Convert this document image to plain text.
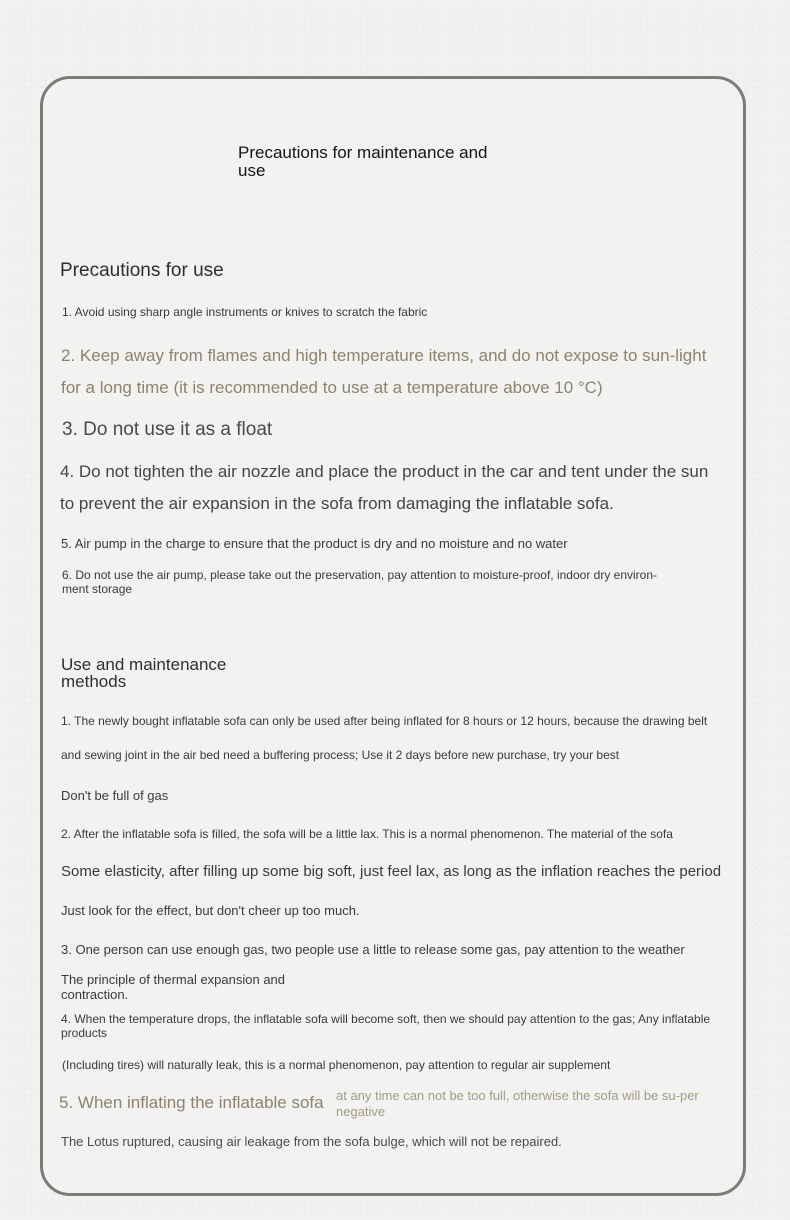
Precautions for maintenance and use

Precautions for use

1. Avoid using sharp angle instruments or knives to scratch the fabric

2. Keep away from flames and high temperature items, and do not expose to sun-light for a long time (it is recommended to use at a temperature above 10 °C)

3. Do not use it as a float

4. Do not tighten the air nozzle and place the product in the car and tent under the sun to prevent the air expansion in the sofa from damaging the inflatable sofa.

5. Air pump in the charge to ensure that the product is dry and no moisture and no water

6. Do not use the air pump, please take out the preservation, pay attention to moisture-proof, indoor dry environ-ment storage

Use and maintenance methods

1. The newly bought inflatable sofa can only be used after being inflated for 8 hours or 12 hours, because the drawing belt

and sewing joint in the air bed need a buffering process; Use it 2 days before new purchase, try your best

Don't be full of gas

2. After the inflatable sofa is filled, the sofa will be a little lax. This is a normal phenomenon. The material of the sofa

Some elasticity, after filling up some big soft, just feel lax, as long as the inflation reaches the period

Just look for the effect, but don't cheer up too much.

3. One person can use enough gas, two people use a little to release some gas, pay attention to the weather

The principle of thermal expansion and contraction.

4. When the temperature drops, the inflatable sofa will become soft, then we should pay attention to the gas; Any inflatable products

(Including tires) will naturally leak, this is a normal phenomenon, pay attention to regular air supplement

5. When inflating the inflatable sofa at any time can not be too full, otherwise the sofa will be su-per negative

The Lotus ruptured, causing air leakage from the sofa bulge, which will not be repaired.
